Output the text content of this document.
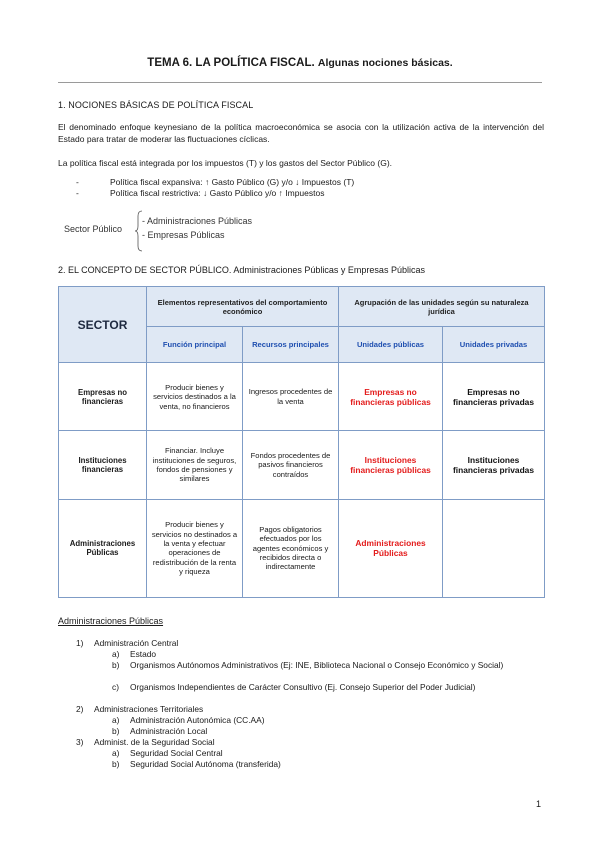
TEMA 6. LA POLÍTICA FISCAL. Algunas nociones básicas.
1. NOCIONES BÁSICAS DE POLÍTICA FISCAL
El denominado enfoque keynesiano de la política macroeconómica se asocia con la utilización activa de la intervención del Estado para tratar de moderar las fluctuaciones cíclicas.
La política fiscal está integrada por los impuestos (T) y los gastos del Sector Público (G).
-	Política fiscal expansiva: ↑ Gasto Público (G) y/o ↓ Impuestos (T)
-	Política fiscal restrictiva: ↓ Gasto Público y/o ↑ Impuestos
Sector Público
- Administraciones Públicas
- Empresas Públicas
2. EL CONCEPTO DE SECTOR PÚBLICO. Administraciones Públicas y Empresas Públicas
SECTOR	Elementos representativos del comportamiento económico		Agrupación de las unidades según su naturaleza jurídica	
	Función principal	Recursos principales	Unidades públicas	Unidades privadas
Empresas no financieras	Producir bienes y servicios destinados a la venta, no financieros	Ingresos procedentes de la venta	Empresas no financieras públicas	Empresas no financieras privadas
Instituciones financieras	Financiar. Incluye instituciones de seguros, fondos de pensiones y similares	Fondos procedentes de pasivos financieros contraídos	Instituciones financieras públicas	Instituciones financieras privadas
Administraciones Públicas	Producir bienes y servicios no destinados a la venta y efectuar operaciones de redistribución de la renta y riqueza	Pagos obligatorios efectuados por los agentes económicos y recibidos directa o indirectamente	Administraciones Públicas	
Administraciones Públicas
1) Administración Central
a) Estado
b) Organismos Autónomos Administrativos (Ej: INE, Biblioteca Nacional o Consejo Económico y Social)
c) Organismos Independientes de Carácter Consultivo (Ej. Consejo Superior del Poder Judicial)
2) Administraciones Territoriales
a) Administración Autonómica (CC.AA)
b) Administración Local
3) Administ. de la Seguridad Social
a) Seguridad Social Central
b) Seguridad Social Autónoma (transferida)
1
